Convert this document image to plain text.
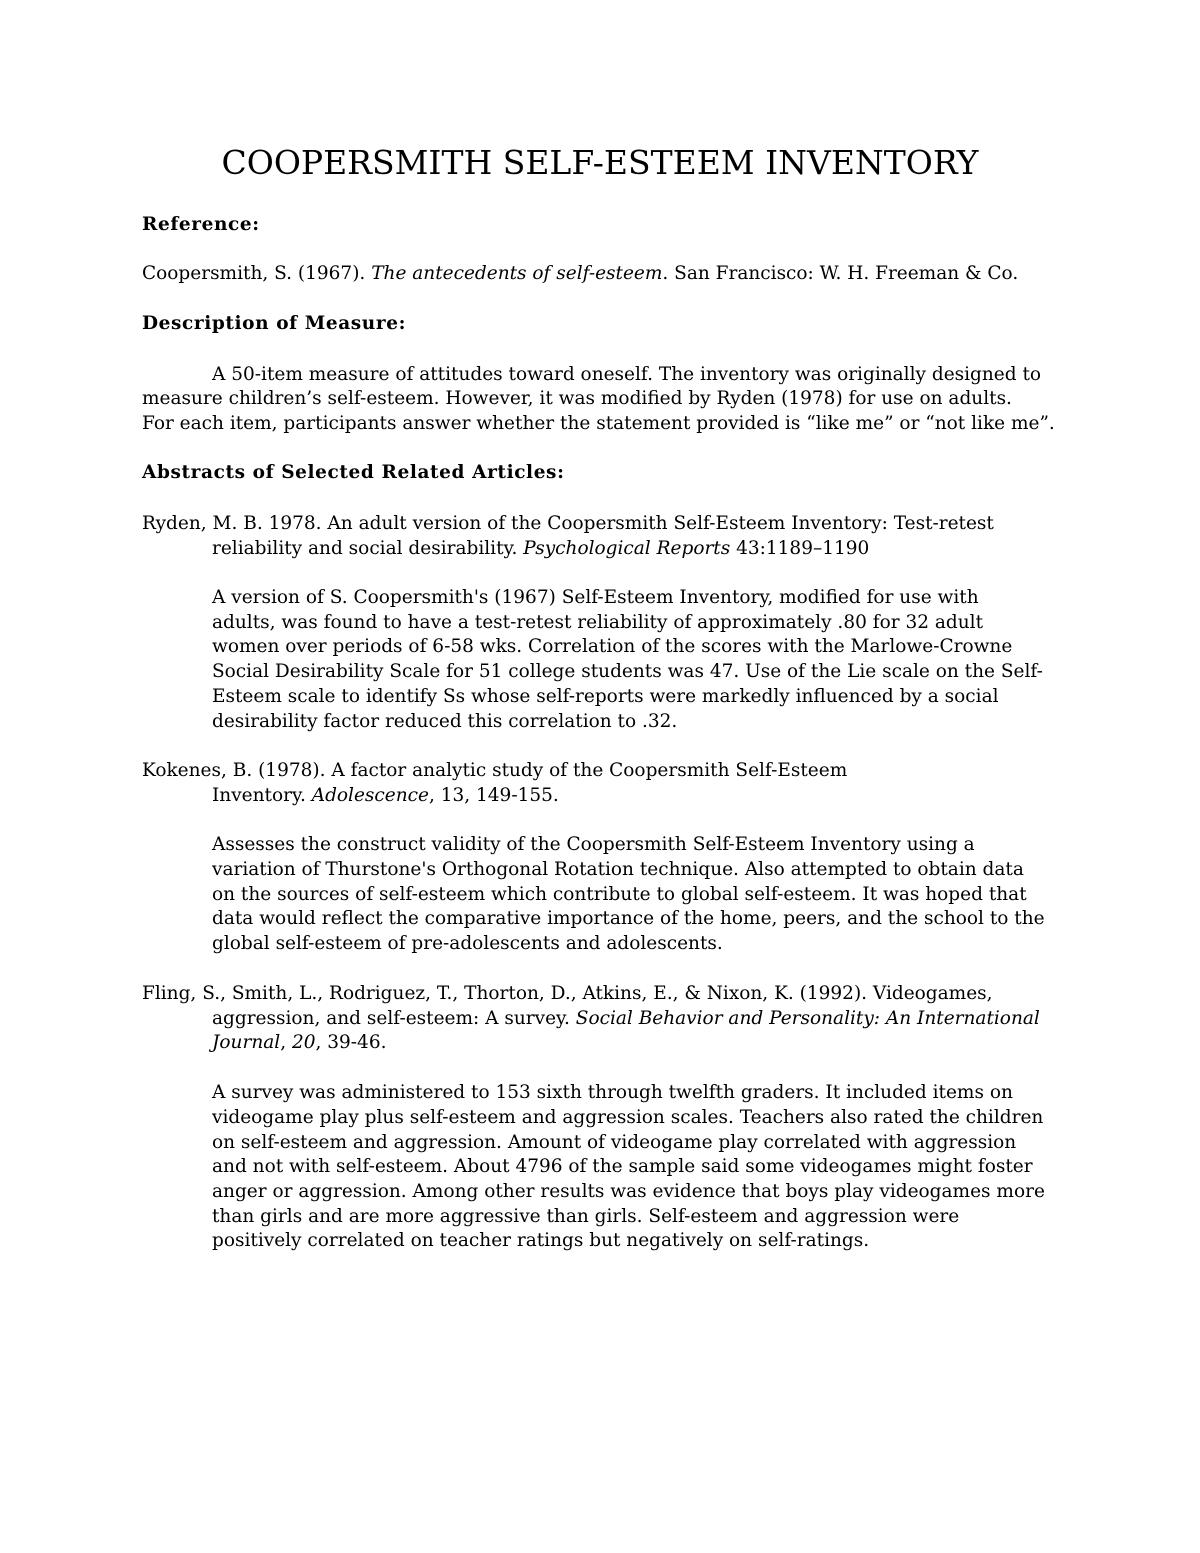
COOPERSMITH SELF-ESTEEM INVENTORY
Reference:
Coopersmith, S. (1967). The antecedents of self-esteem. San Francisco: W. H. Freeman & Co.
Description of Measure:
A 50-item measure of attitudes toward oneself. The inventory was originally designed to
measure children’s self-esteem. However, it was modified by Ryden (1978) for use on adults.
For each item, participants answer whether the statement provided is “like me” or “not like me”.
Abstracts of Selected Related Articles:
Ryden, M. B. 1978. An adult version of the Coopersmith Self-Esteem Inventory: Test-retest
reliability and social desirability. Psychological Reports 43:1189–1190
A version of S. Coopersmith's (1967) Self-Esteem Inventory, modified for use with
adults, was found to have a test-retest reliability of approximately .80 for 32 adult
women over periods of 6-58 wks. Correlation of the scores with the Marlowe-Crowne
Social Desirability Scale for 51 college students was 47. Use of the Lie scale on the Self-
Esteem scale to identify Ss whose self-reports were markedly influenced by a social
desirability factor reduced this correlation to .32.
Kokenes, B. (1978). A factor analytic study of the Coopersmith Self-Esteem
Inventory. Adolescence, 13, 149-155.
Assesses the construct validity of the Coopersmith Self-Esteem Inventory using a
variation of Thurstone's Orthogonal Rotation technique. Also attempted to obtain data
on the sources of self-esteem which contribute to global self-esteem. It was hoped that
data would reflect the comparative importance of the home, peers, and the school to the
global self-esteem of pre-adolescents and adolescents.
Fling, S., Smith, L., Rodriguez, T., Thorton, D., Atkins, E., & Nixon, K. (1992). Videogames,
aggression, and self-esteem: A survey. Social Behavior and Personality: An International
Journal, 20, 39-46.
A survey was administered to 153 sixth through twelfth graders. It included items on
videogame play plus self-esteem and aggression scales. Teachers also rated the children
on self-esteem and aggression. Amount of videogame play correlated with aggression
and not with self-esteem. About 4796 of the sample said some videogames might foster
anger or aggression. Among other results was evidence that boys play videogames more
than girls and are more aggressive than girls. Self-esteem and aggression were
positively correlated on teacher ratings but negatively on self-ratings.
